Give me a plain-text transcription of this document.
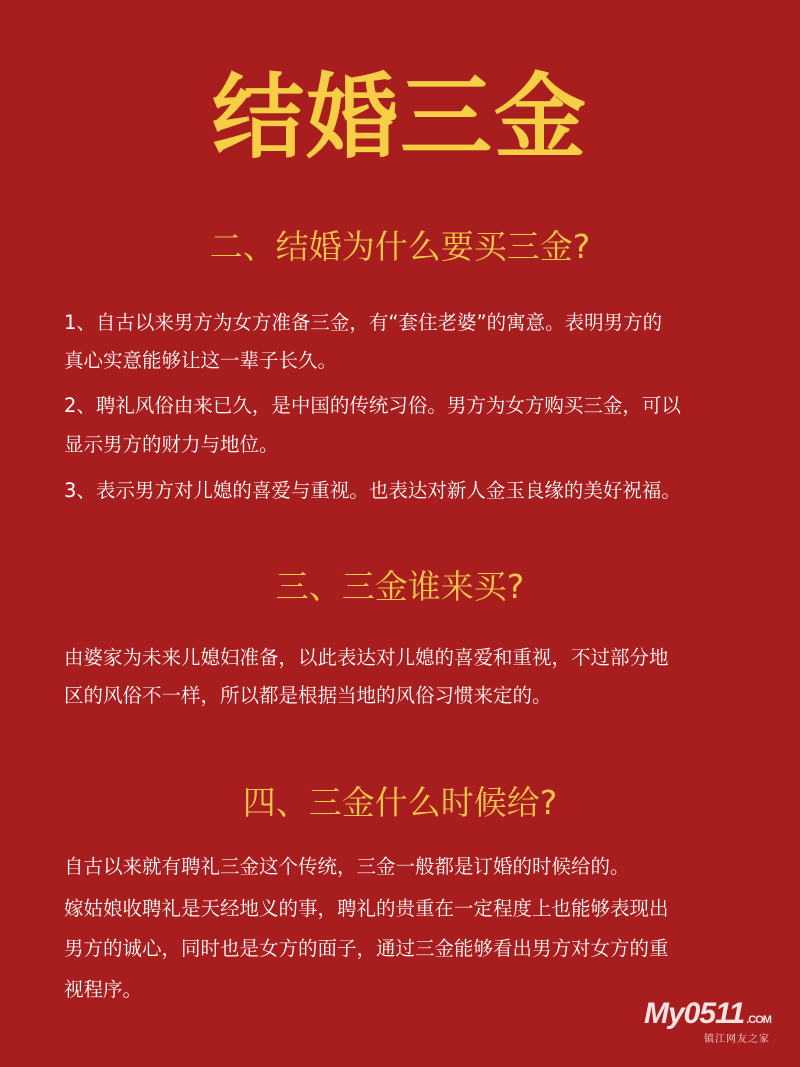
结婚三金
二、结婚为什么要买三金?
1、自古以来男方为女方准备三金，有“套住老婆”的寓意。表明男方的
真心实意能够让这一辈子长久。
2、聘礼风俗由来已久，是中国的传统习俗。男方为女方购买三金，可以
显示男方的财力与地位。
3、表示男方对儿媳的喜爱与重视。也表达对新人金玉良缘的美好祝福。
三、三金谁来买?
由婆家为未来儿媳妇准备，以此表达对儿媳的喜爱和重视，不过部分地
区的风俗不一样，所以都是根据当地的风俗习惯来定的。
四、三金什么时候给?
自古以来就有聘礼三金这个传统，三金一般都是订婚的时候给的。
嫁姑娘收聘礼是天经地义的事，聘礼的贵重在一定程度上也能够表现出
男方的诚心，同时也是女方的面子，通过三金能够看出男方对女方的重
视程序。
My0511 .COM
镇江网友之家
